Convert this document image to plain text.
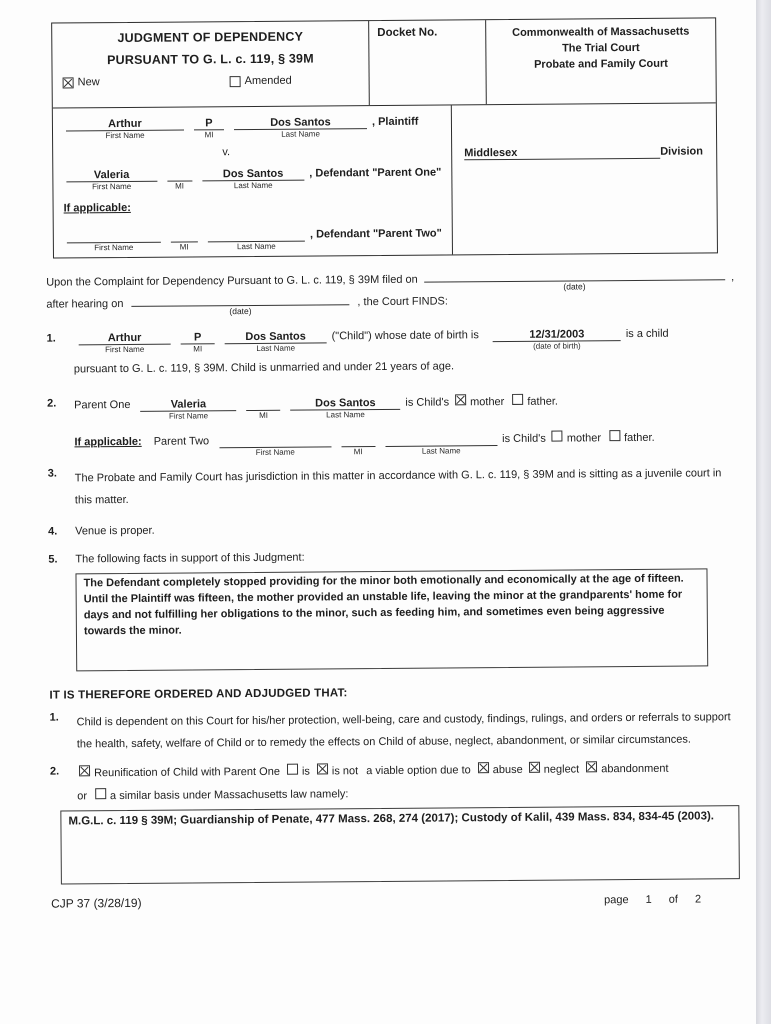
JUDGMENT OF DEPENDENCY
PURSUANT TO G. L. c. 119, § 39M
New	Amended
Docket No.	Commonwealth of Massachusetts
The Trial Court
Probate and Family Court
Arthur
First Name
P
MI
Dos Santos
Last Name
, Plaintiff
v.
Valeria
First Name
	MI
Dos Santos
Last Name
, Defendant "Parent One"
If applicable:

First Name
	MI
	Last Name
, Defendant "Parent Two"
Middlesex	Division
Upon the Complaint for Dependency Pursuant to G. L. c. 119, § 39M filed on	(date)
,
after hearing on
(date)
, the Court FINDS:
1.	Arthur
First Name
P
MI
Dos Santos
Last Name
("Child") whose date of birth is	12/31/2003
(date of birth)
is a child
pursuant to G. L. c. 119, § 39M. Child is unmarried and under 21 years of age.
2.	Parent One	Valeria
First Name
	MI
Dos Santos
Last Name
is Child's mother father.
If applicable: Parent Two

First Name
	MI
	Last Name
is Child's mother father.
3.	The Probate and Family Court has jurisdiction in this matter in accordance with G. L. c. 119, § 39M and is sitting as a juvenile court in this matter.
4.	Venue is proper.
5.	The following facts in support of this Judgment:
The Defendant completely stopped providing for the minor both emotionally and economically at the age of fifteen. Until the Plaintiff was fifteen, the mother provided an unstable life, leaving the minor at the grandparents' home for days and not fulfilling her obligations to the minor, such as feeding him, and sometimes even being aggressive towards the minor.
IT IS THEREFORE ORDERED AND ADJUDGED THAT:
1.	Child is dependent on this Court for his/her protection, well-being, care and custody, findings, rulings, and orders or referrals to support the health, safety, welfare of Child or to remedy the effects on Child of abuse, neglect, abandonment, or similar circumstances.
2.	Reunification of Child with Parent One is is not a viable option due to abuse neglect abandonment
or a similar basis under Massachusetts law namely:
M.G.L. c. 119 § 39M; Guardianship of Penate, 477 Mass. 268, 274 (2017); Custody of Kalil, 439 Mass. 834, 834-45 (2003).
CJP 37 (3/28/19)	page 1 of 2
